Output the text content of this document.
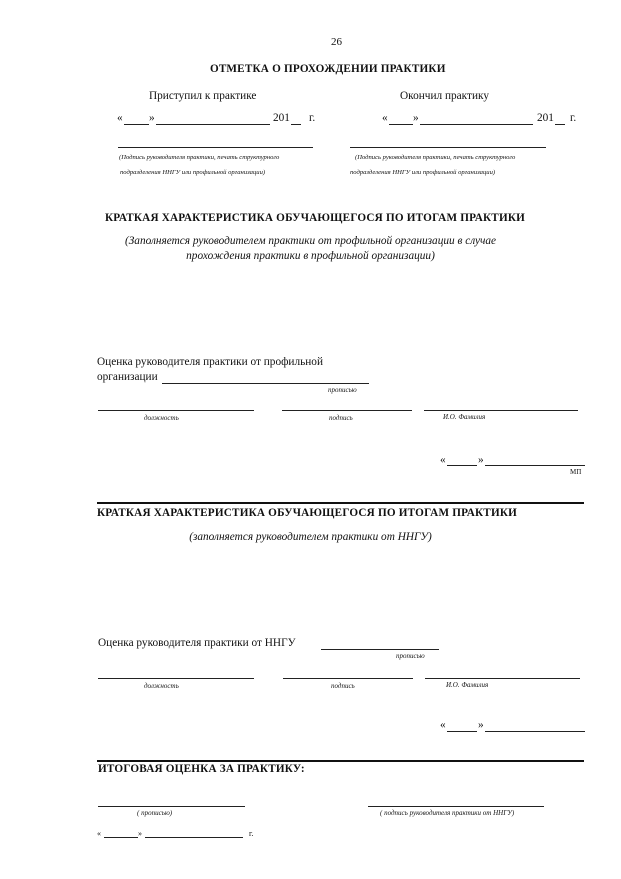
26
ОТМЕТКА О ПРОХОЖДЕНИИ ПРАКТИКИ
Приступил к практике	Окончил практику
« »	201 г.	« »	201 г.
(Подпись руководителя практики, печать структурного
подразделения ННГУ или профильной организации)
(Подпись руководителя практики, печать структурного
подразделения ННГУ или профильной организации)
КРАТКАЯ ХАРАКТЕРИСТИКА ОБУЧАЮЩЕГОСЯ ПО ИТОГАМ ПРАКТИКИ
(Заполняется руководителем практики от профильной организации в случае
прохождения практики в профильной организации)
Оценка руководителя практики от профильной
организации
прописью
должность	подпись	И.О. Фамилия
«	»
МП
КРАТКАЯ ХАРАКТЕРИСТИКА ОБУЧАЮЩЕГОСЯ ПО ИТОГАМ ПРАКТИКИ
(заполняется руководителем практики от ННГУ)
Оценка руководителя практики от ННГУ
прописью
должность	подпись	И.О. Фамилия
«	»
ИТОГОВАЯ ОЦЕНКА ЗА ПРАКТИКУ:
( прописью)	( подпись руководителя практики от ННГУ)
«	»	г.
